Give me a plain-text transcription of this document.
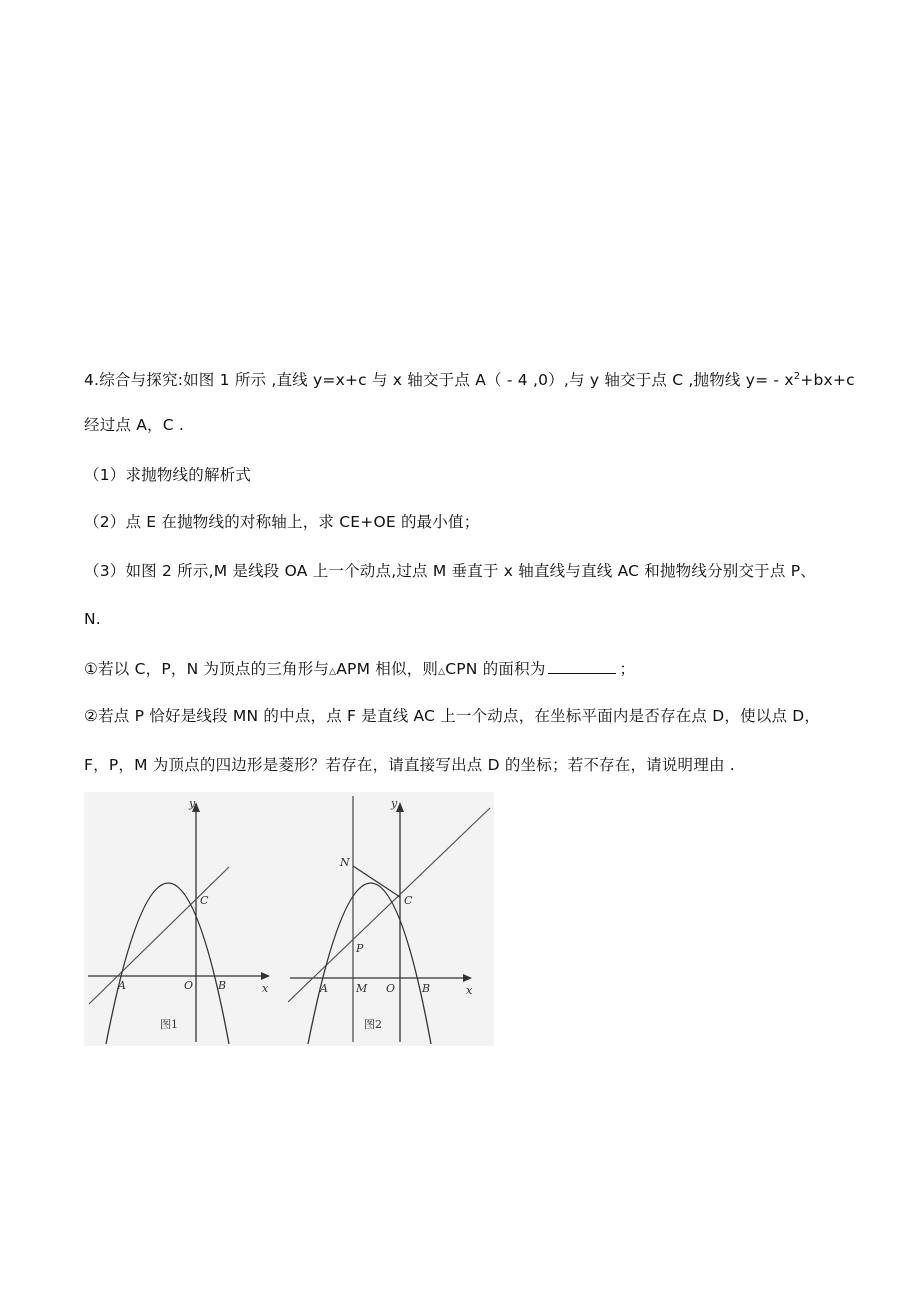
4.综合与探究:如图 1 所示 ,直线 y=x+c 与 x 轴交于点 A（ - 4 ,0）,与 y 轴交于点 C ,抛物线 $y= - x^2+bx+c$
经过点 A，C .
（1）求抛物线的解析式
（2）点 E 在抛物线的对称轴上，求 CE+OE 的最小值；
（3）如图 2 所示,M 是线段 OA 上一个动点,过点 M 垂直于 x 轴直线与直线 AC 和抛物线分别交于点 P、
N.
①若以 C，P，N 为顶点的三角形与△APM 相似，则△CPN 的面积为	；
②若点 P 恰好是线段 MN 的中点，点 F 是直线 AC 上一个动点，在坐标平面内是否存在点 D，使以点 D，
F，P，M 为顶点的四边形是菱形？若存在，请直接写出点 D 的坐标；若不存在，请说明理由 .
y
x
A	O B
C
图1
y
x
A	M O B
C
N
P
图2
